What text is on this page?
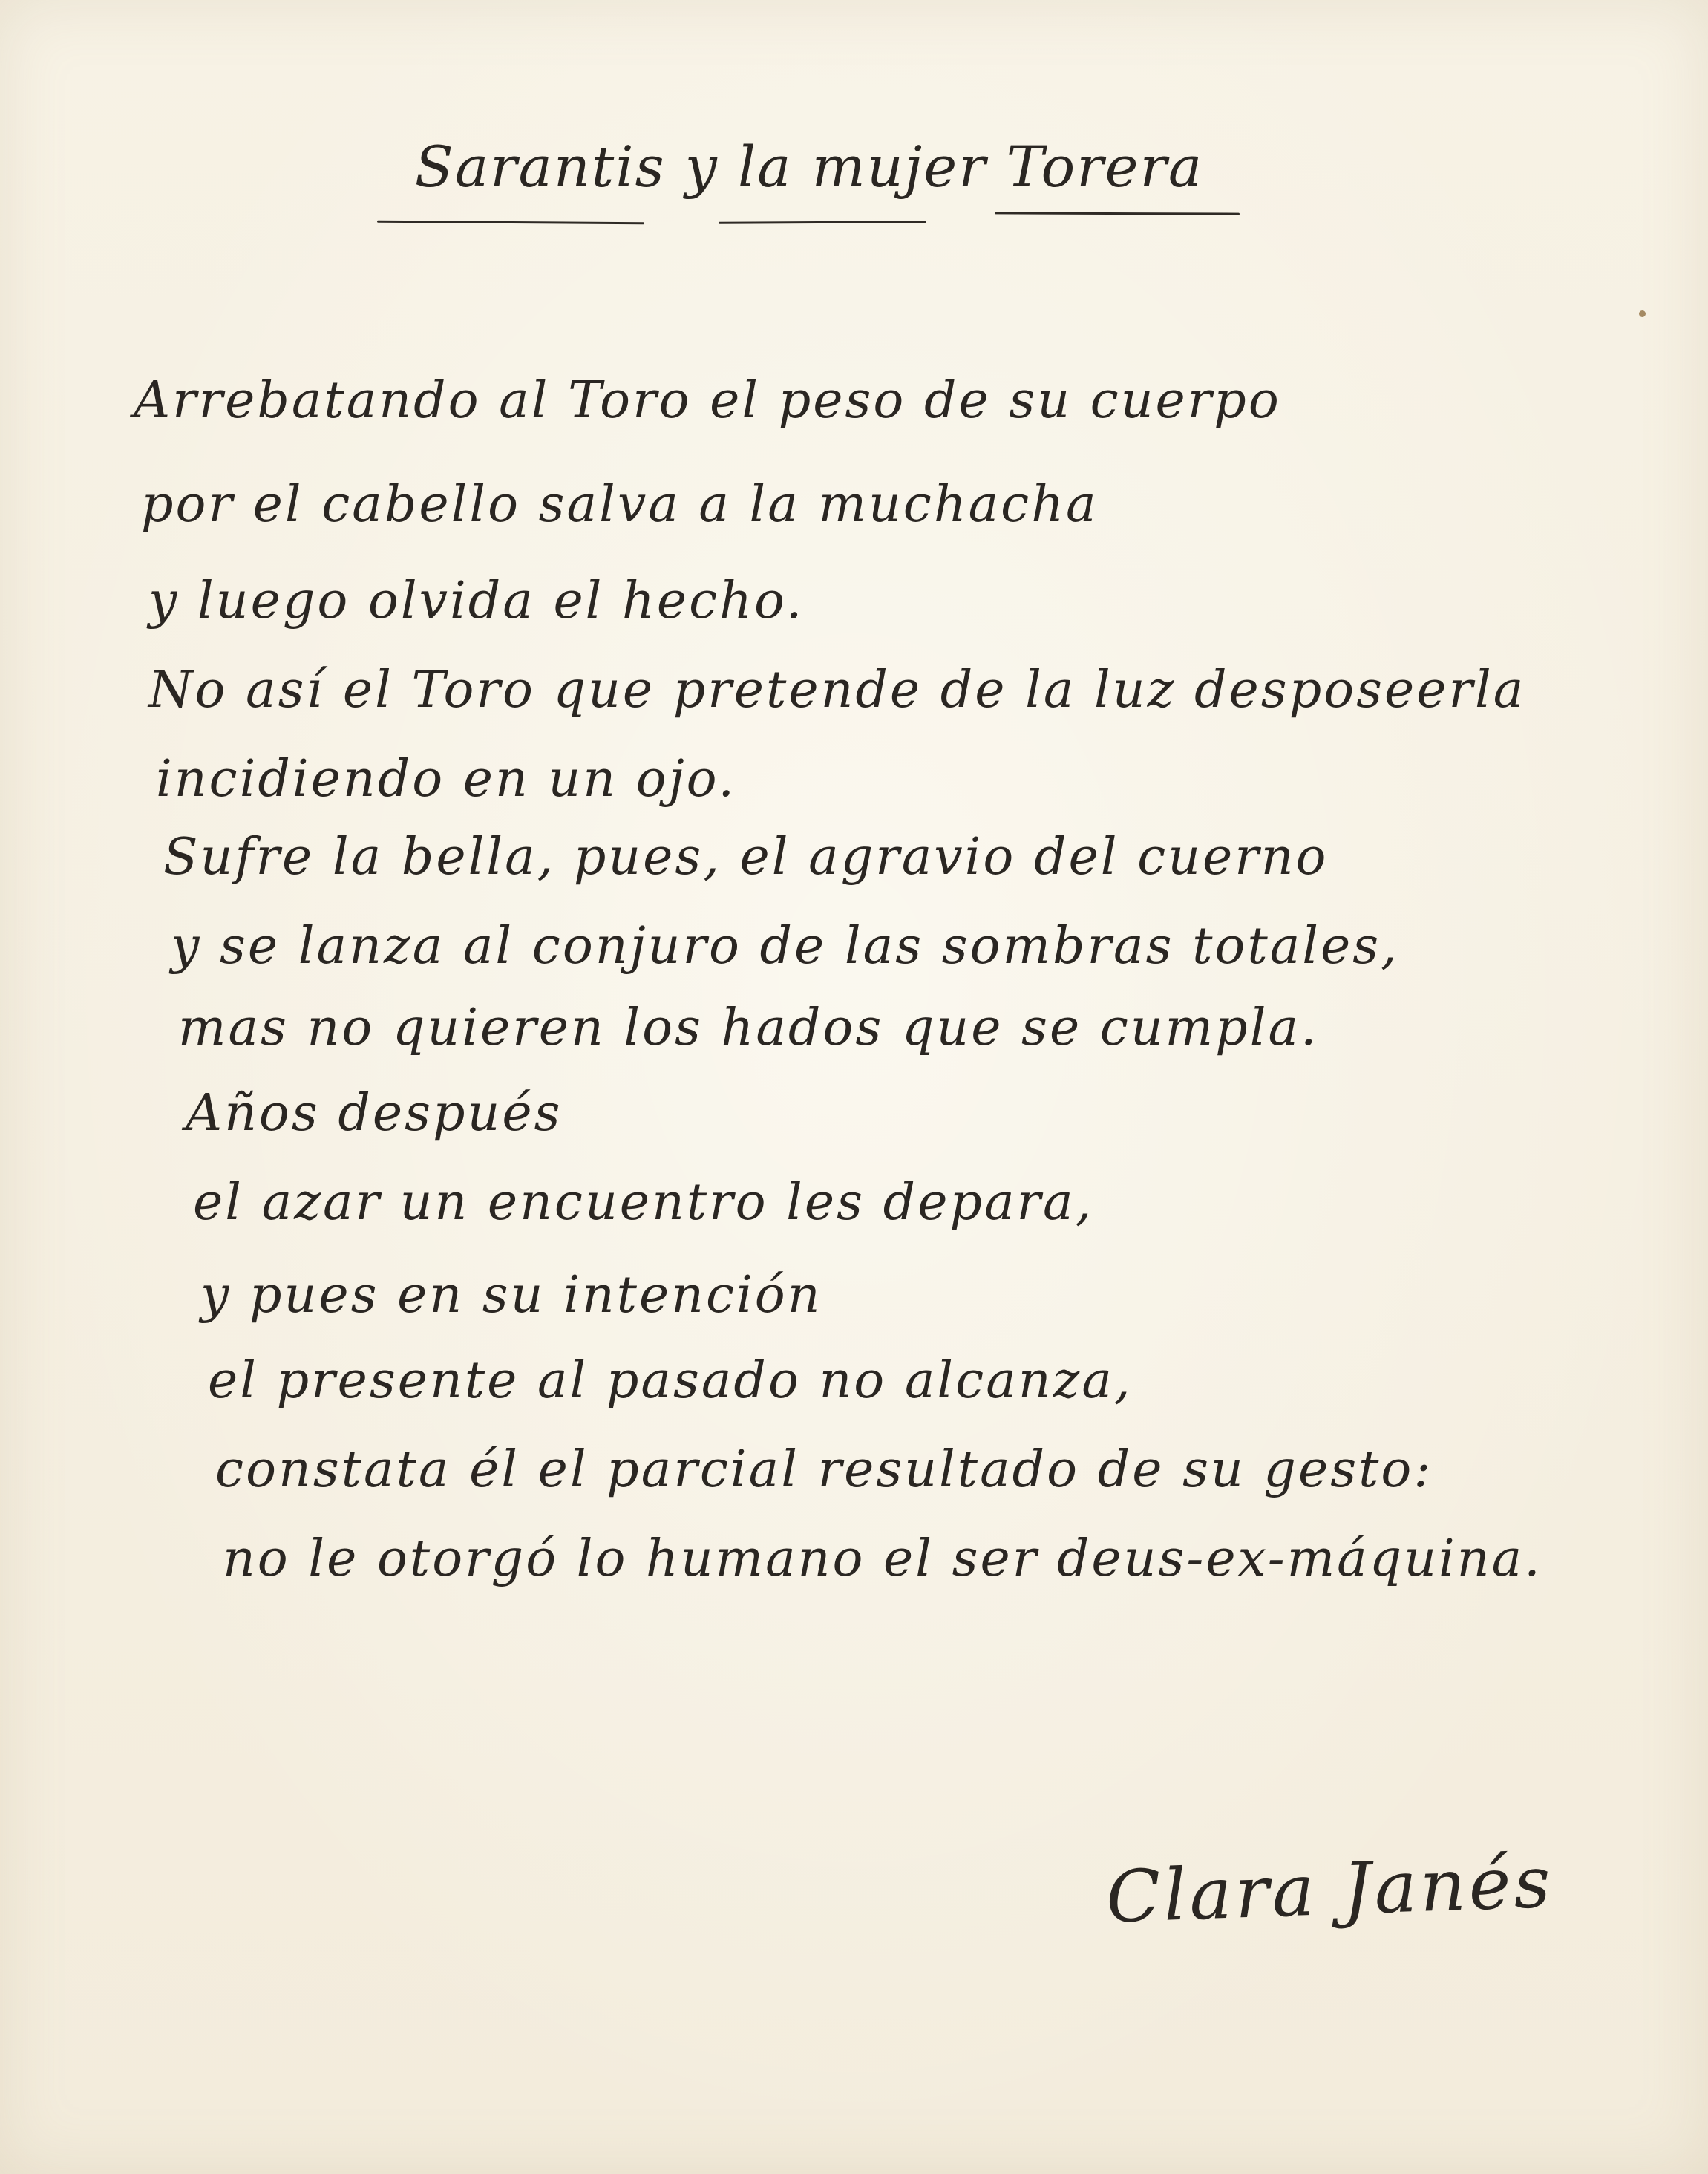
Sarantis y la mujer Torera
Arrebatando al Toro el peso de su cuerpo
por el cabello salva a la muchacha
y luego olvida el hecho.
No así el Toro que pretende de la luz desposeerla
incidiendo en un ojo.
Sufre la bella, pues, el agravio del cuerno
y se lanza al conjuro de las sombras totales,
mas no quieren los hados que se cumpla.
Años después
el azar un encuentro les depara,
y pues en su intención
el presente al pasado no alcanza,
constata él el parcial resultado de su gesto:
no le otorgó lo humano el ser deus-ex-máquina.
Clara Janés
